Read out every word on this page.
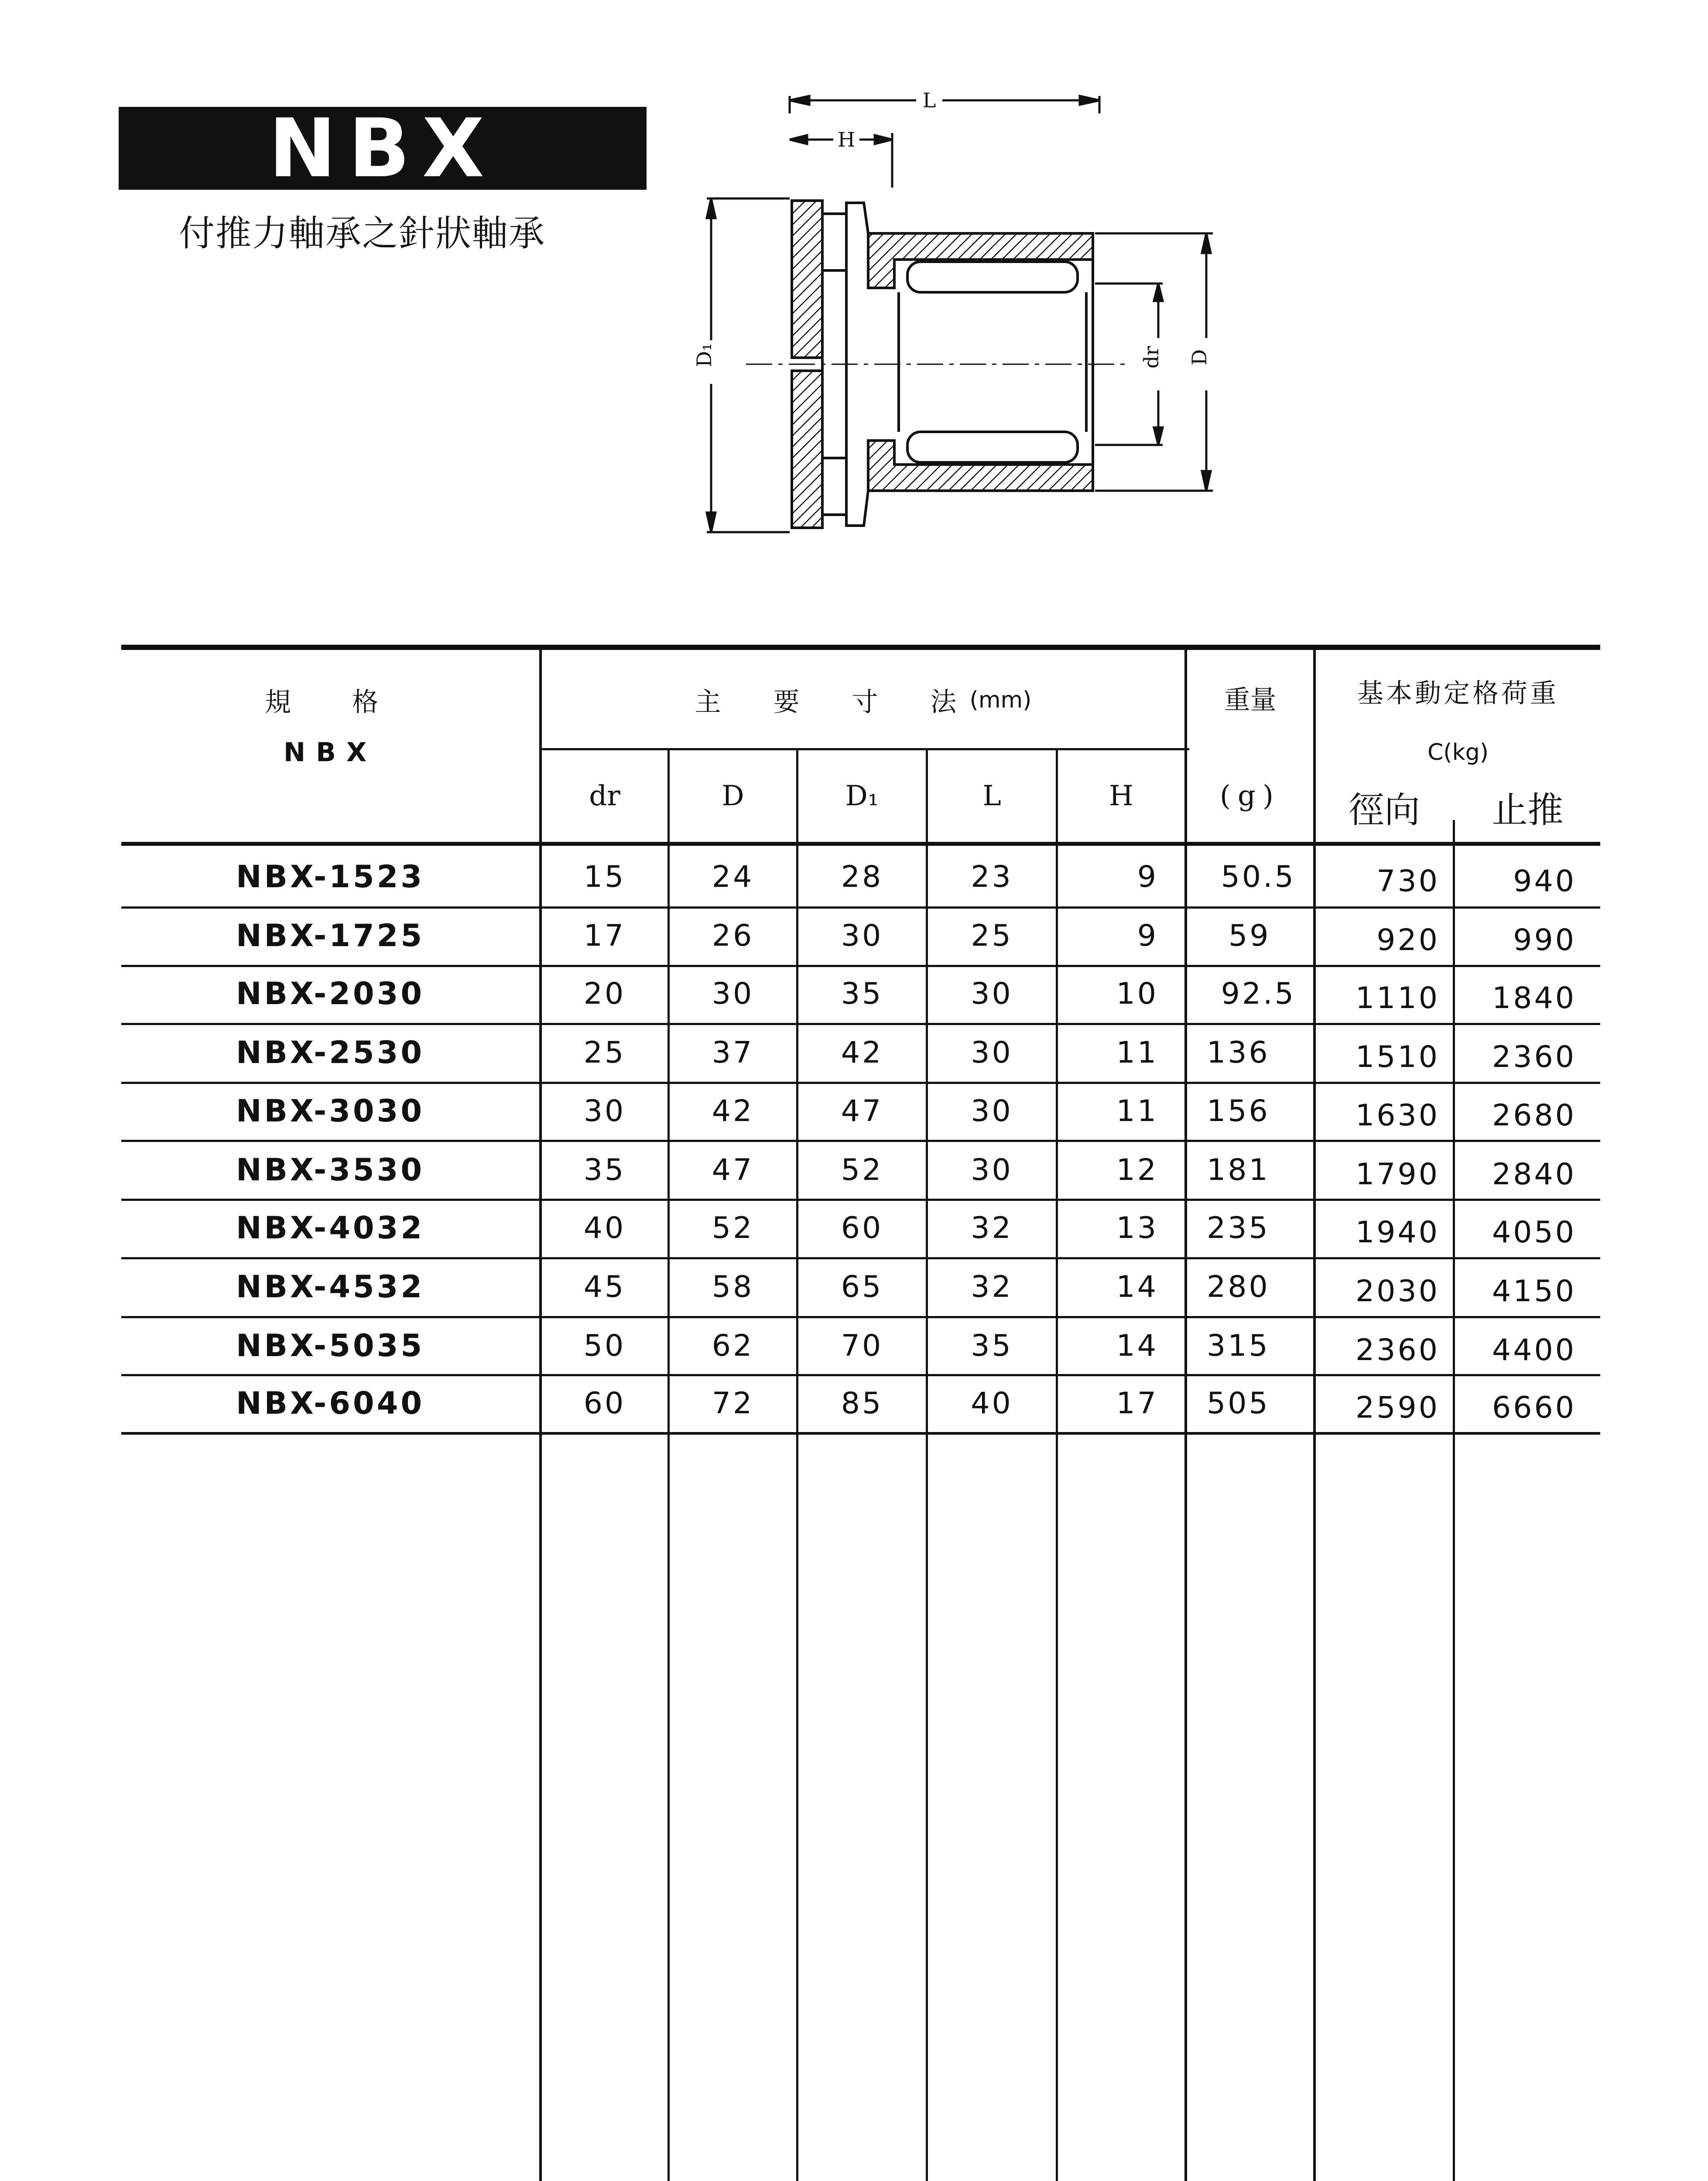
NBX
付推力軸承之針狀軸承
L
H
D₁	dr D
規　格
NBX
主　要　寸　法 (mm)	重量
(g)
基本動定格荷重
C(kg)
dr	D	D₁	L	H	徑向	止推
NBX-1523	15	24	28	23	9	50.5	730	940
NBX-1725	17	26	30	25	9	59	920	990
NBX-2030	20	30	35	30	10	92.5	1110	1840
NBX-2530	25	37	42	30	11	136	1510	2360
NBX-3030	30	42	47	30	11	156	1630	2680
NBX-3530	35	47	52	30	12	181	1790	2840
NBX-4032	40	52	60	32	13	235	1940	4050
NBX-4532	45	58	65	32	14	280	2030	4150
NBX-5035	50	62	70	35	14	315	2360	4400
NBX-6040	60	72	85	40	17	505	2590	6660
